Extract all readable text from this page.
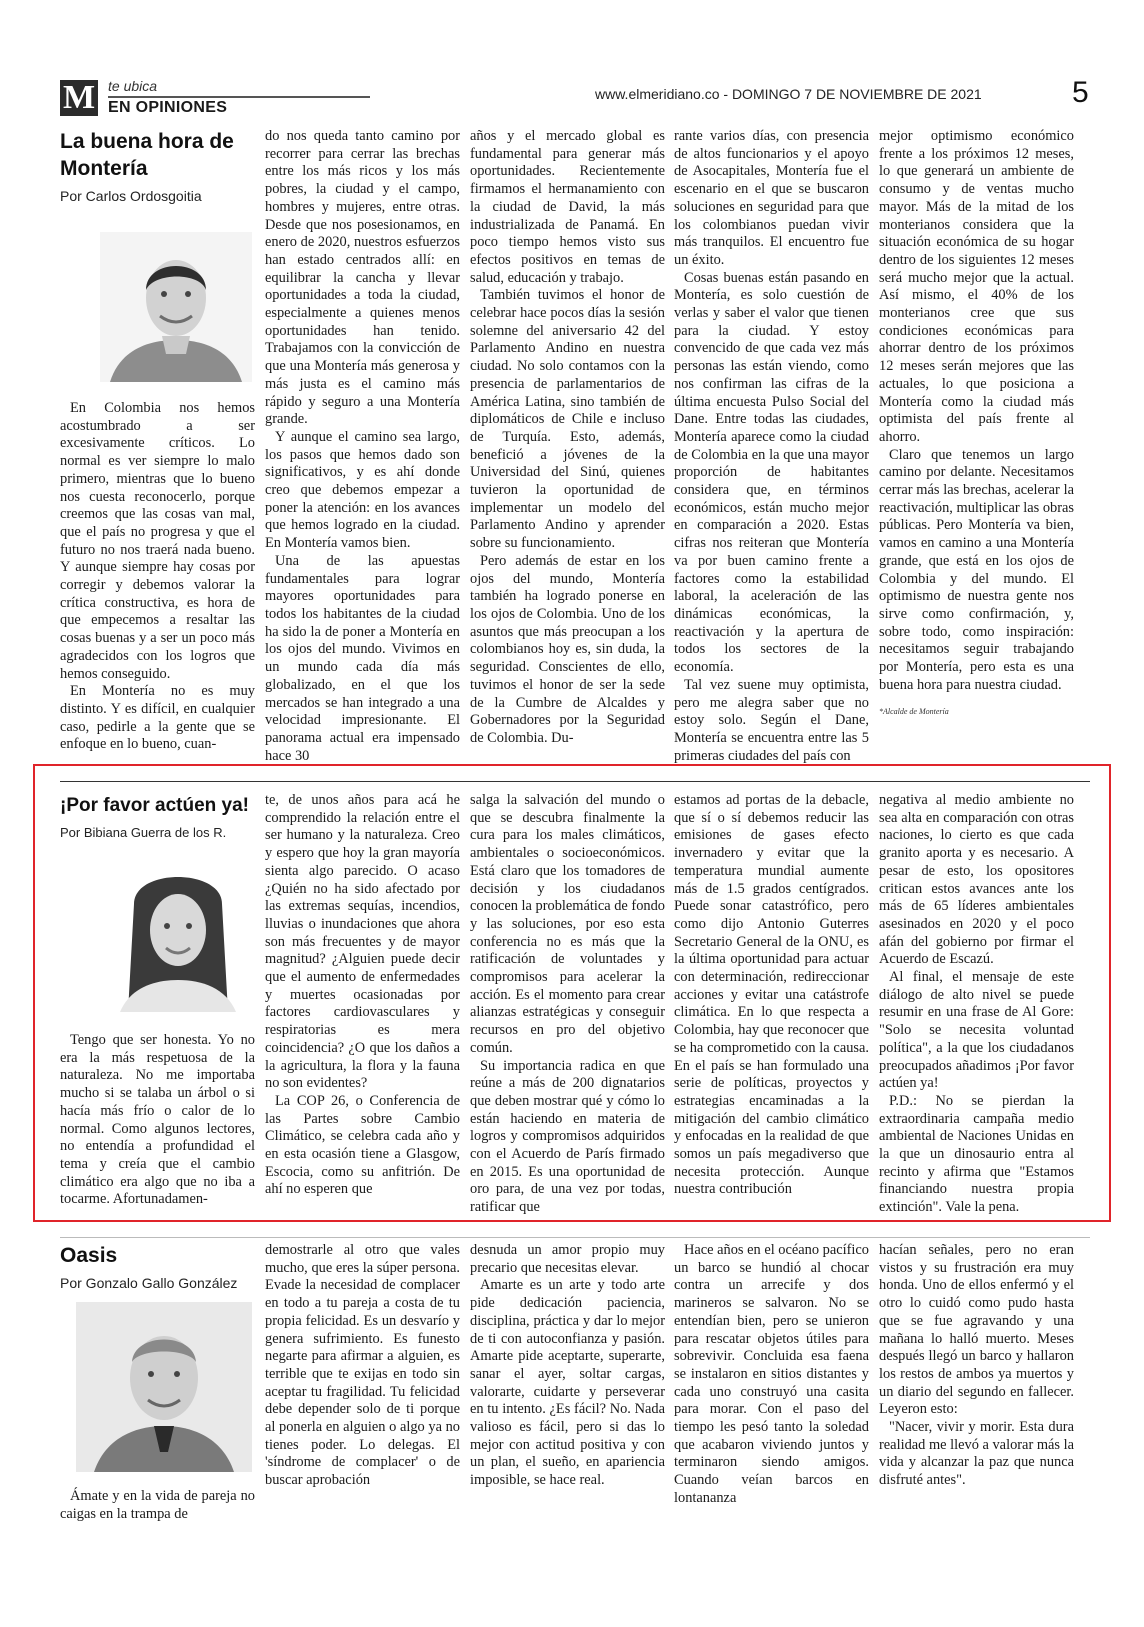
M te ubica
EN OPINIONES
www.elmeridiano.co - DOMINGO 7 DE NOVIEMBRE DE 2021	5
La buena hora de Montería
Por Carlos Ordosgoitia

En Colombia nos hemos acostumbrado a ser excesivamente críticos. Lo normal es ver siempre lo malo primero, mientras que lo bueno nos cuesta reconocerlo, porque creemos que las cosas van mal, que el país no progresa y que el futuro no nos traerá nada bueno. Y aunque siempre hay cosas por corregir y debemos valorar la crítica constructiva, es hora de que empecemos a resaltar las cosas buenas y a ser un poco más agradecidos con los logros que hemos conseguido.

En Montería no es muy distinto. Y es difícil, en cualquier caso, pedirle a la gente que se enfoque en lo bueno, cuan-

do nos queda tanto camino por recorrer para cerrar las brechas entre los más ricos y los más pobres, la ciudad y el campo, hombres y mujeres, entre otras. Desde que nos posesionamos, en enero de 2020, nuestros esfuerzos han estado centrados allí: en equilibrar la cancha y llevar oportunidades a toda la ciudad, especialmente a quienes menos oportunidades han tenido. Trabajamos con la convicción de que una Montería más generosa y más justa es el camino más rápido y seguro a una Montería grande.

Y aunque el camino sea largo, los pasos que hemos dado son significativos, y es ahí donde creo que debemos empezar a poner la atención: en los avances que hemos logrado en la ciudad. En Montería vamos bien.

Una de las apuestas fundamentales para lograr mayores oportunidades para todos los habitantes de la ciudad ha sido la de poner a Montería en los ojos del mundo. Vivimos en un mundo cada día más globalizado, en el que los mercados se han integrado a una velocidad impresionante. El panorama actual era impensado hace 30

años y el mercado global es fundamental para generar más oportunidades. Recientemente firmamos el hermanamiento con la ciudad de David, la más industrializada de Panamá. En poco tiempo hemos visto sus efectos positivos en temas de salud, educación y trabajo.

También tuvimos el honor de celebrar hace pocos días la sesión solemne del aniversario 42 del Parlamento Andino en nuestra ciudad. No solo contamos con la presencia de parlamentarios de América Latina, sino también de diplomáticos de Chile e incluso de Turquía. Esto, además, benefició a jóvenes de la Universidad del Sinú, quienes tuvieron la oportunidad de implementar un modelo del Parlamento Andino y aprender sobre su funcionamiento.

Pero además de estar en los ojos del mundo, Montería también ha logrado ponerse en los ojos de Colombia. Uno de los asuntos que más preocupan a los colombianos hoy es, sin duda, la seguridad. Conscientes de ello, tuvimos el honor de ser la sede de la Cumbre de Alcaldes y Gobernadores por la Seguridad de Colombia. Du-

rante varios días, con presencia de altos funcionarios y el apoyo de Asocapitales, Montería fue el escenario en el que se buscaron soluciones en seguridad para que los colombianos puedan vivir más tranquilos. El encuentro fue un éxito.

Cosas buenas están pasando en Montería, es solo cuestión de verlas y saber el valor que tienen para la ciudad. Y estoy convencido de que cada vez más personas las están viendo, como nos confirman las cifras de la última encuesta Pulso Social del Dane. Entre todas las ciudades, Montería aparece como la ciudad de Colombia en la que una mayor proporción de habitantes considera que, en términos económicos, están mucho mejor en comparación a 2020. Estas cifras nos reiteran que Montería va por buen camino frente a factores como la estabilidad laboral, la aceleración de las dinámicas económicas, la reactivación y la apertura de todos los sectores de la economía.

Tal vez suene muy optimista, pero me alegra saber que no estoy solo. Según el Dane, Montería se encuentra entre las 5 primeras ciudades del país con

mejor optimismo económico frente a los próximos 12 meses, lo que generará un ambiente de consumo y de ventas mucho mayor. Más de la mitad de los monterianos considera que la situación económica de su hogar dentro de los siguientes 12 meses será mucho mejor que la actual. Así mismo, el 40% de los monterianos cree que sus condiciones económicas para ahorrar dentro de los próximos 12 meses serán mejores que las actuales, lo que posiciona a Montería como la ciudad más optimista del país frente al ahorro.

Claro que tenemos un largo camino por delante. Necesitamos cerrar más las brechas, acelerar la reactivación, multiplicar las obras públicas. Pero Montería va bien, vamos en camino a una Montería grande, que está en los ojos de Colombia y del mundo. El optimismo de nuestra gente nos sirve como confirmación, y, sobre todo, como inspiración: necesitamos seguir trabajando por Montería, pero esta es una buena hora para nuestra ciudad.

*Alcalde de Montería
¡Por favor actúen ya!
Por Bibiana Guerra de los R.

Tengo que ser honesta. Yo no era la más respetuosa de la naturaleza. No me importaba mucho si se talaba un árbol o si hacía más frío o calor de lo normal. Como algunos lectores, no entendía a profundidad el tema y creía que el cambio climático era algo que no iba a tocarme. Afortunadamen-

te, de unos años para acá he comprendido la relación entre el ser humano y la naturaleza. Creo y espero que hoy la gran mayoría sienta algo parecido. O acaso ¿Quién no ha sido afectado por las extremas sequías, incendios, lluvias o inundaciones que ahora son más frecuentes y de mayor magnitud? ¿Alguien puede decir que el aumento de enfermedades y muertes ocasionadas por factores cardiovasculares y respiratorias es mera coincidencia? ¿O que los daños a la agricultura, la flora y la fauna no son evidentes?

La COP 26, o Conferencia de las Partes sobre Cambio Climático, se celebra cada año y en esta ocasión tiene a Glasgow, Escocia, como su anfitrión. De ahí no esperen que

salga la salvación del mundo o que se descubra finalmente la cura para los males climáticos, ambientales o socioeconómicos. Está claro que los tomadores de decisión y los ciudadanos conocen la problemática de fondo y las soluciones, por eso esta conferencia no es más que la ratificación de voluntades y compromisos para acelerar la acción. Es el momento para crear alianzas estratégicas y conseguir recursos en pro del objetivo común.

Su importancia radica en que reúne a más de 200 dignatarios que deben mostrar qué y cómo lo están haciendo en materia de logros y compromisos adquiridos con el Acuerdo de París firmado en 2015. Es una oportunidad de oro para, de una vez por todas, ratificar que

estamos ad portas de la debacle, que sí o sí debemos reducir las emisiones de gases efecto invernadero y evitar que la temperatura mundial aumente más de 1.5 grados centígrados. Puede sonar catastrófico, pero como dijo Antonio Guterres Secretario General de la ONU, es la última oportunidad para actuar con determinación, redireccionar acciones y evitar una catástrofe climática. En lo que respecta a Colombia, hay que reconocer que se ha comprometido con la causa. En el país se han formulado una serie de políticas, proyectos y estrategias encaminadas a la mitigación del cambio climático y enfocadas en la realidad de que somos un país megadiverso que necesita protección. Aunque nuestra contribución

negativa al medio ambiente no sea alta en comparación con otras naciones, lo cierto es que cada granito aporta y es necesario. A pesar de esto, los opositores critican estos avances ante los más de 65 líderes ambientales asesinados en 2020 y el poco afán del gobierno por firmar el Acuerdo de Escazú.

Al final, el mensaje de este diálogo de alto nivel se puede resumir en una frase de Al Gore: "Solo se necesita voluntad política", a la que los ciudadanos preocupados añadimos ¡Por favor actúen ya!

P.D.: No se pierdan la extraordinaria campaña medio ambiental de Naciones Unidas en la que un dinosaurio entra al recinto y afirma que "Estamos financiando nuestra propia extinción". Vale la pena.

Oasis
Por Gonzalo Gallo González

Ámate y en la vida de pareja no caigas en la trampa de

demostrarle al otro que vales mucho, que eres la súper persona. Evade la necesidad de complacer en todo a tu pareja a costa de tu propia felicidad. Es un desvarío y genera sufrimiento. Es funesto negarte para afirmar a alguien, es terrible que te exijas en todo sin aceptar tu fragilidad. Tu felicidad debe depender solo de ti porque al ponerla en alguien o algo ya no tienes poder. Lo delegas. El 'síndrome de complacer' o de buscar aprobación

desnuda un amor propio muy precario que necesitas elevar.

Amarte es un arte y todo arte pide dedicación paciencia, disciplina, práctica y dar lo mejor de ti con autoconfianza y pasión. Amarte pide aceptarte, superarte, sanar el ayer, soltar cargas, valorarte, cuidarte y perseverar en tu intento. ¿Es fácil? No. Nada valioso es fácil, pero si das lo mejor con actitud positiva y con un plan, el sueño, en apariencia imposible, se hace real.

Hace años en el océano pacífico un barco se hundió al chocar contra un arrecife y dos marineros se salvaron. No se entendían bien, pero se unieron para rescatar objetos útiles para sobrevivir. Concluida esa faena se instalaron en sitios distantes y cada uno construyó una casita para morar. Con el paso del tiempo les pesó tanto la soledad que acabaron viviendo juntos y terminaron siendo amigos. Cuando veían barcos en lontananza

hacían señales, pero no eran vistos y su frustración era muy honda. Uno de ellos enfermó y el otro lo cuidó como pudo hasta que se fue agravando y una mañana lo halló muerto. Meses después llegó un barco y hallaron los restos de ambos ya muertos y un diario del segundo en fallecer. Leyeron esto:

"Nacer, vivir y morir. Esta dura realidad me llevó a valorar más la vida y alcanzar la paz que nunca disfruté antes".
